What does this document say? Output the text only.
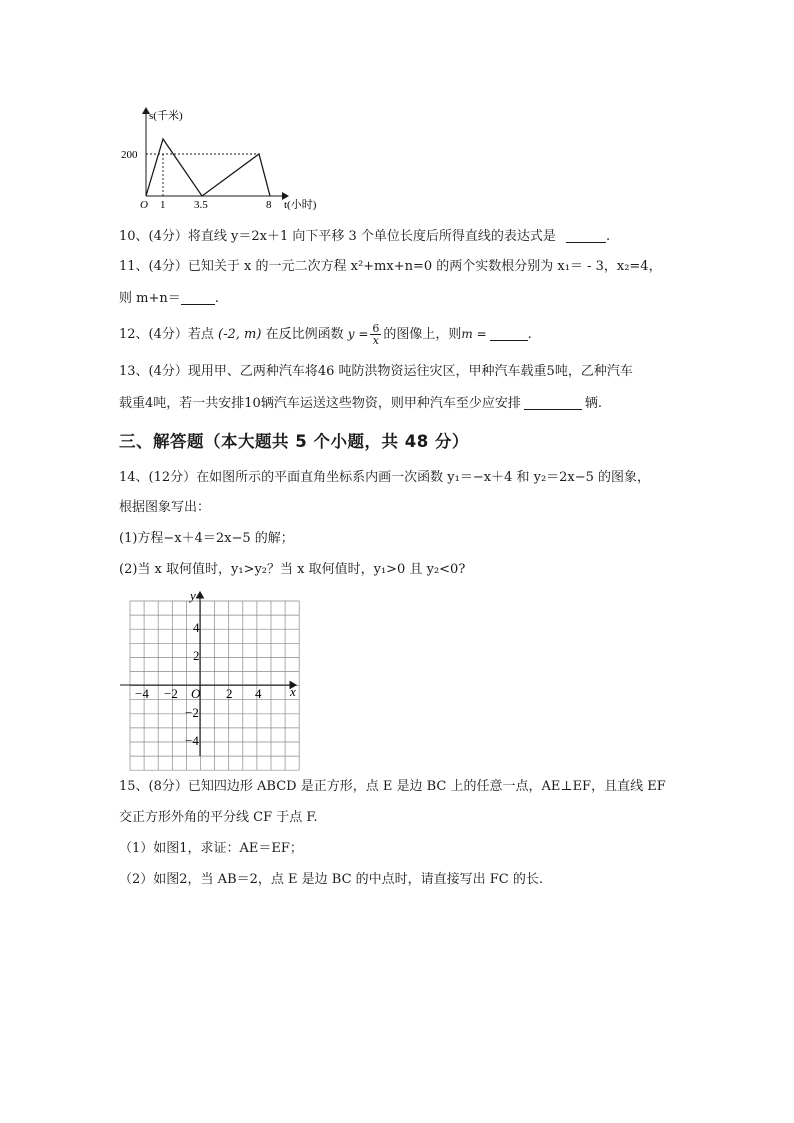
s(千米)
t(小时)
200
O 1	3.5	8
10、(4分）将直线 y＝2x＋1 向下平移 3 个单位长度后所得直线的表达式是	.
11、(4分）已知关于 x 的一元二次方程 x²+mx+n=0 的两个实数根分别为 x₁＝ - 3，x₂=4，
则 m+n＝	.
12、(4分）若点 (-2, m) 在反比例函数 $y = \frac{6}{x}$ 的图像上，则m =	.
13、(4分）现用甲、乙两种汽车将46 吨防洪物资运往灾区，甲种汽车载重5吨，乙种汽车
载重4吨，若一共安排10辆汽车运送这些物资，则甲种汽车至少应安排	辆.
三、解答题（本大题共 5 个小题，共 48 分）
14、(12分）在如图所示的平面直角坐标系内画一次函数 y₁＝−x＋4 和 y₂＝2x−5 的图象，
根据图象写出：
(1)方程−x＋4＝2x−5 的解；
(2)当 x 取何值时，y₁>y₂？当 x 取何值时，y₁>0 且 y₂<0?
y
x
O
−4 −2	2 4
4
2
−2
−4
15、(8分）已知四边形 ABCD 是正方形，点 E 是边 BC 上的任意一点，AE⊥EF，且直线 EF
交正方形外角的平分线 CF 于点 F.
（1）如图1，求证：AE＝EF；
（2）如图2，当 AB＝2，点 E 是边 BC 的中点时，请直接写出 FC 的长.
